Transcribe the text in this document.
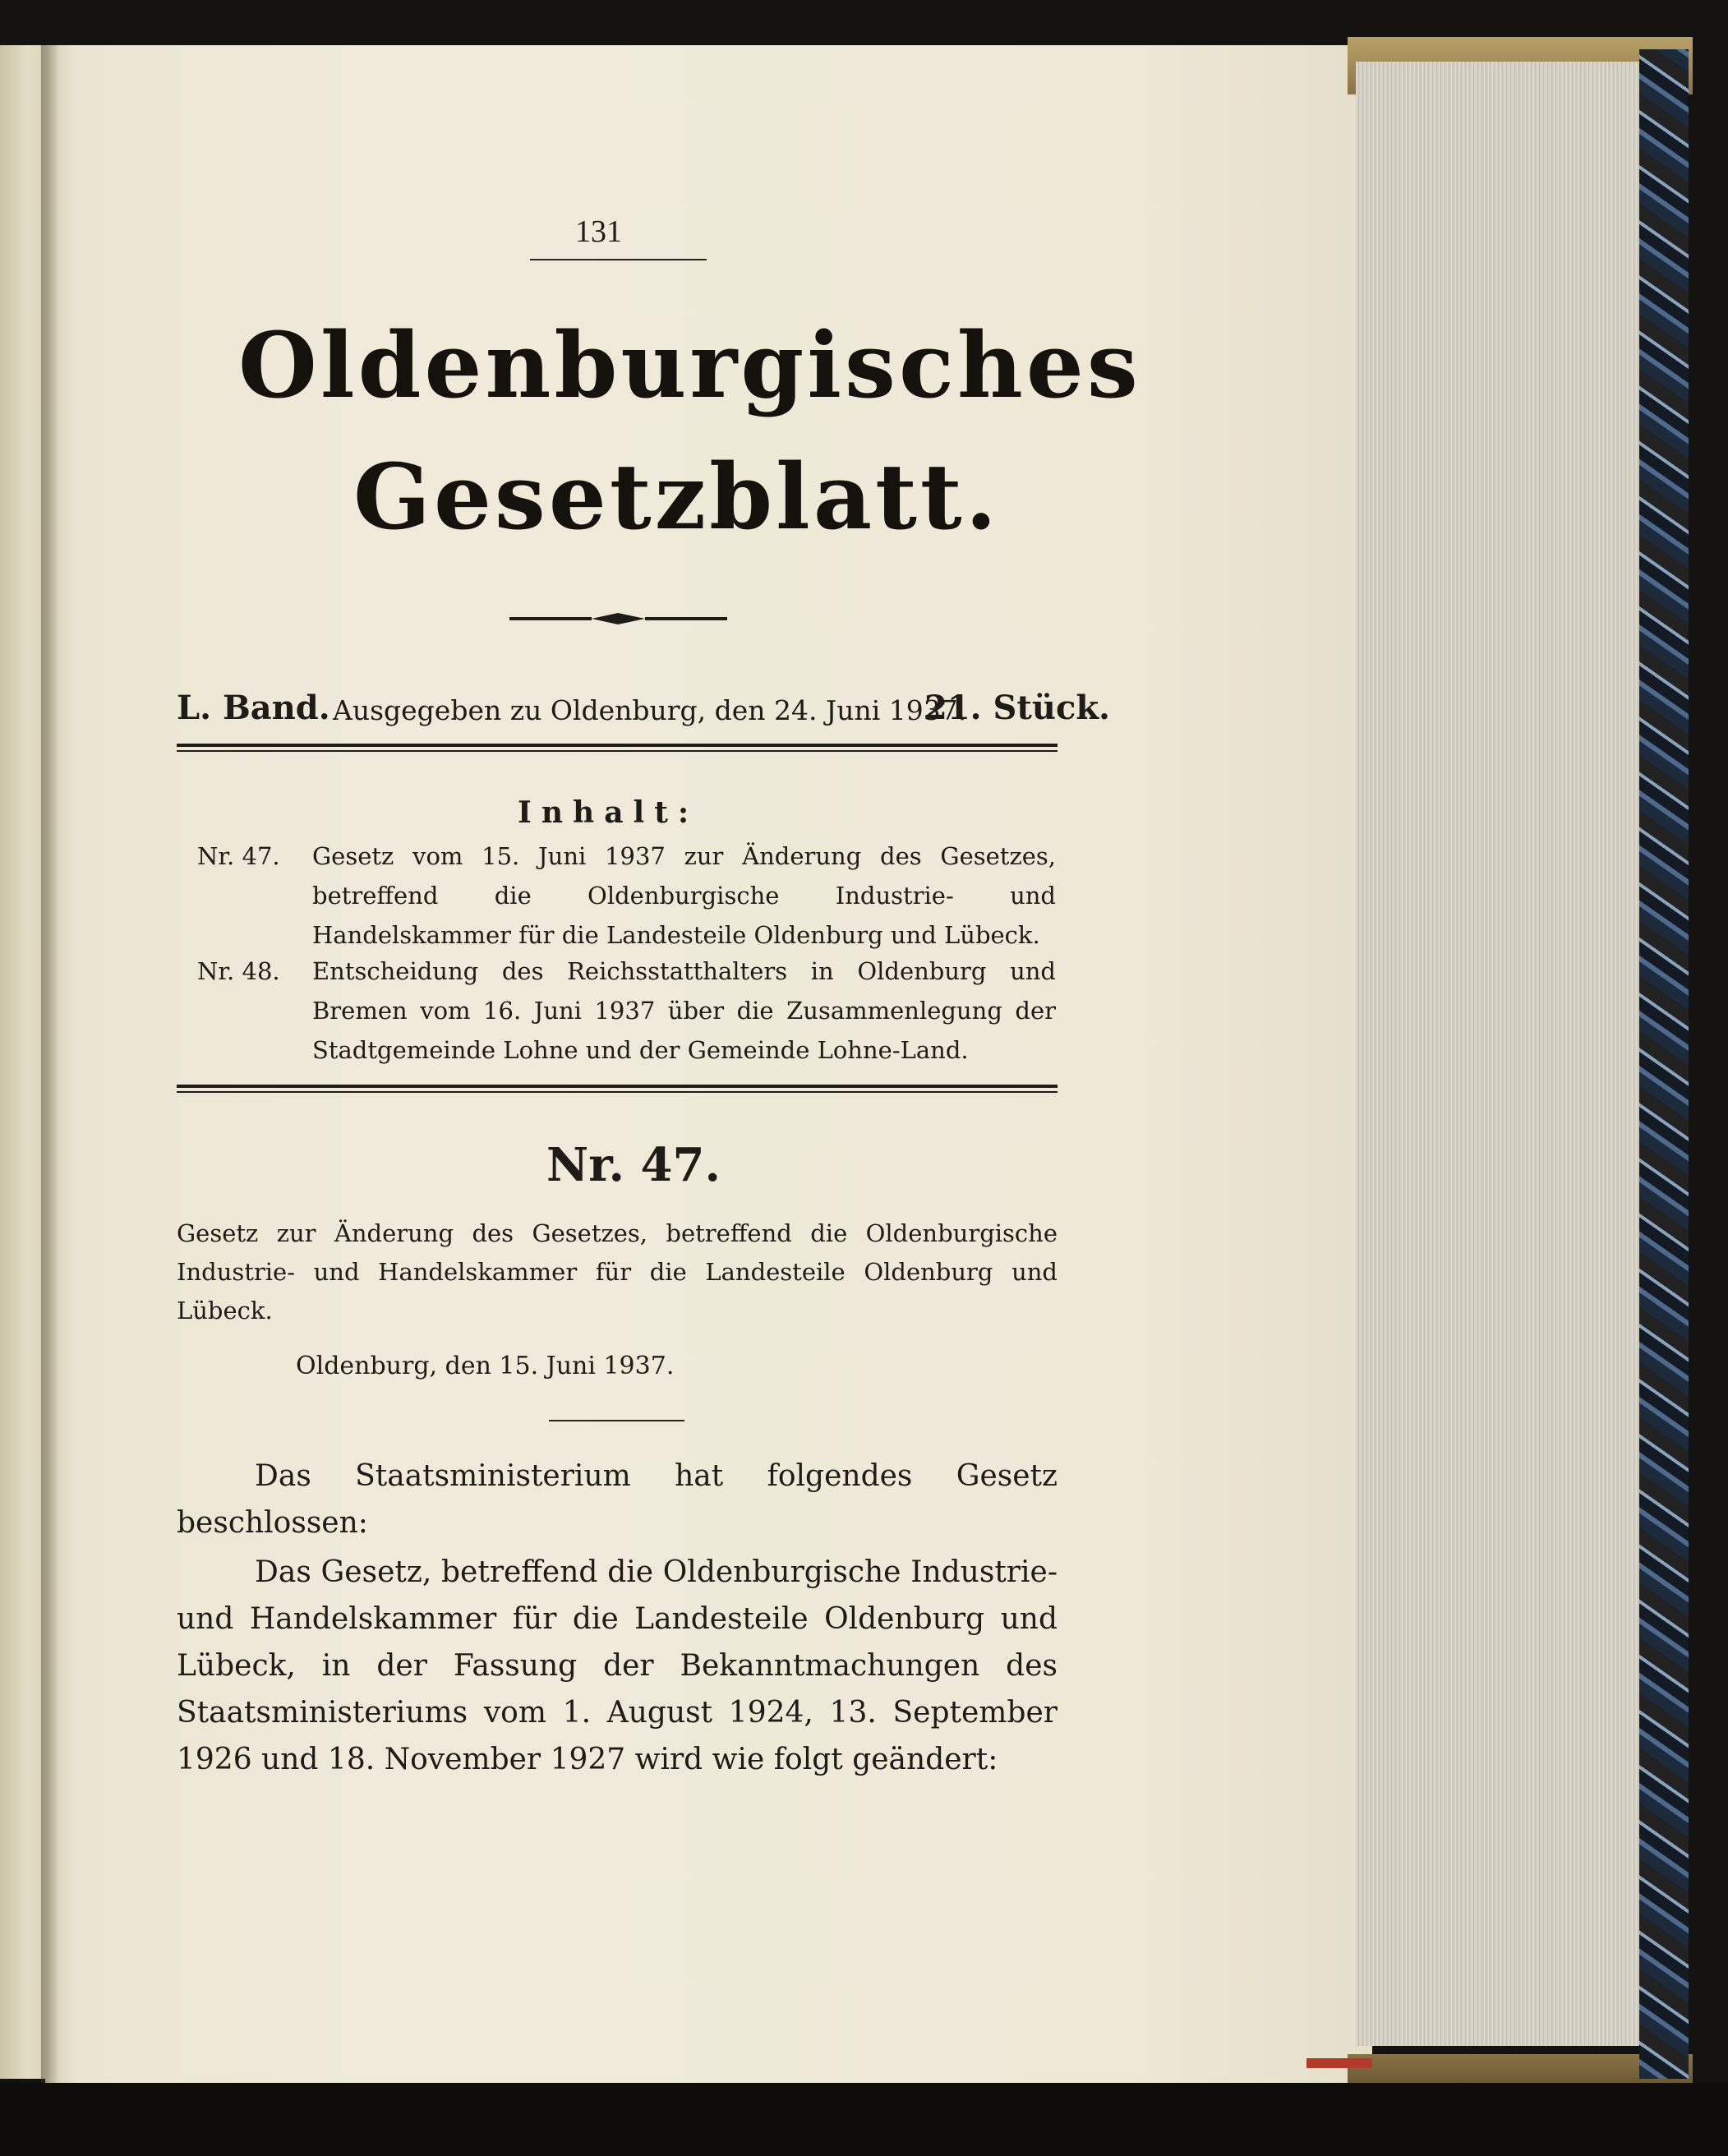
131
Oldenburgisches
Gesetzblatt.
L. Band. Ausgegeben zu Oldenburg, den 24. Juni 1937.
21. Stück.
Inhalt:
Nr. 47. Gesetz vom 15. Juni 1937 zur Änderung des Gesetzes, betreffend die Oldenburgische Industrie- und Handelskammer für die Landesteile Oldenburg und Lübeck.
Nr. 48. Entscheidung des Reichsstatthalters in Oldenburg und Bremen vom 16. Juni 1937 über die Zusammenlegung der Stadtgemeinde Lohne und der Gemeinde Lohne-Land.
Nr. 47.
Gesetz zur Änderung des Gesetzes, betreffend die Oldenburgische Industrie- und Handelskammer für die Landesteile Oldenburg und Lübeck.
Oldenburg, den 15. Juni 1937.
Das Staatsministerium hat folgendes Gesetz beschlossen:
Das Gesetz, betreffend die Oldenburgische Industrie- und Handelskammer für die Landesteile Oldenburg und Lübeck, in der Fassung der Bekanntmachungen des Staatsministeriums vom 1. August 1924, 13. September 1926 und 18. November 1927 wird wie folgt geändert:
